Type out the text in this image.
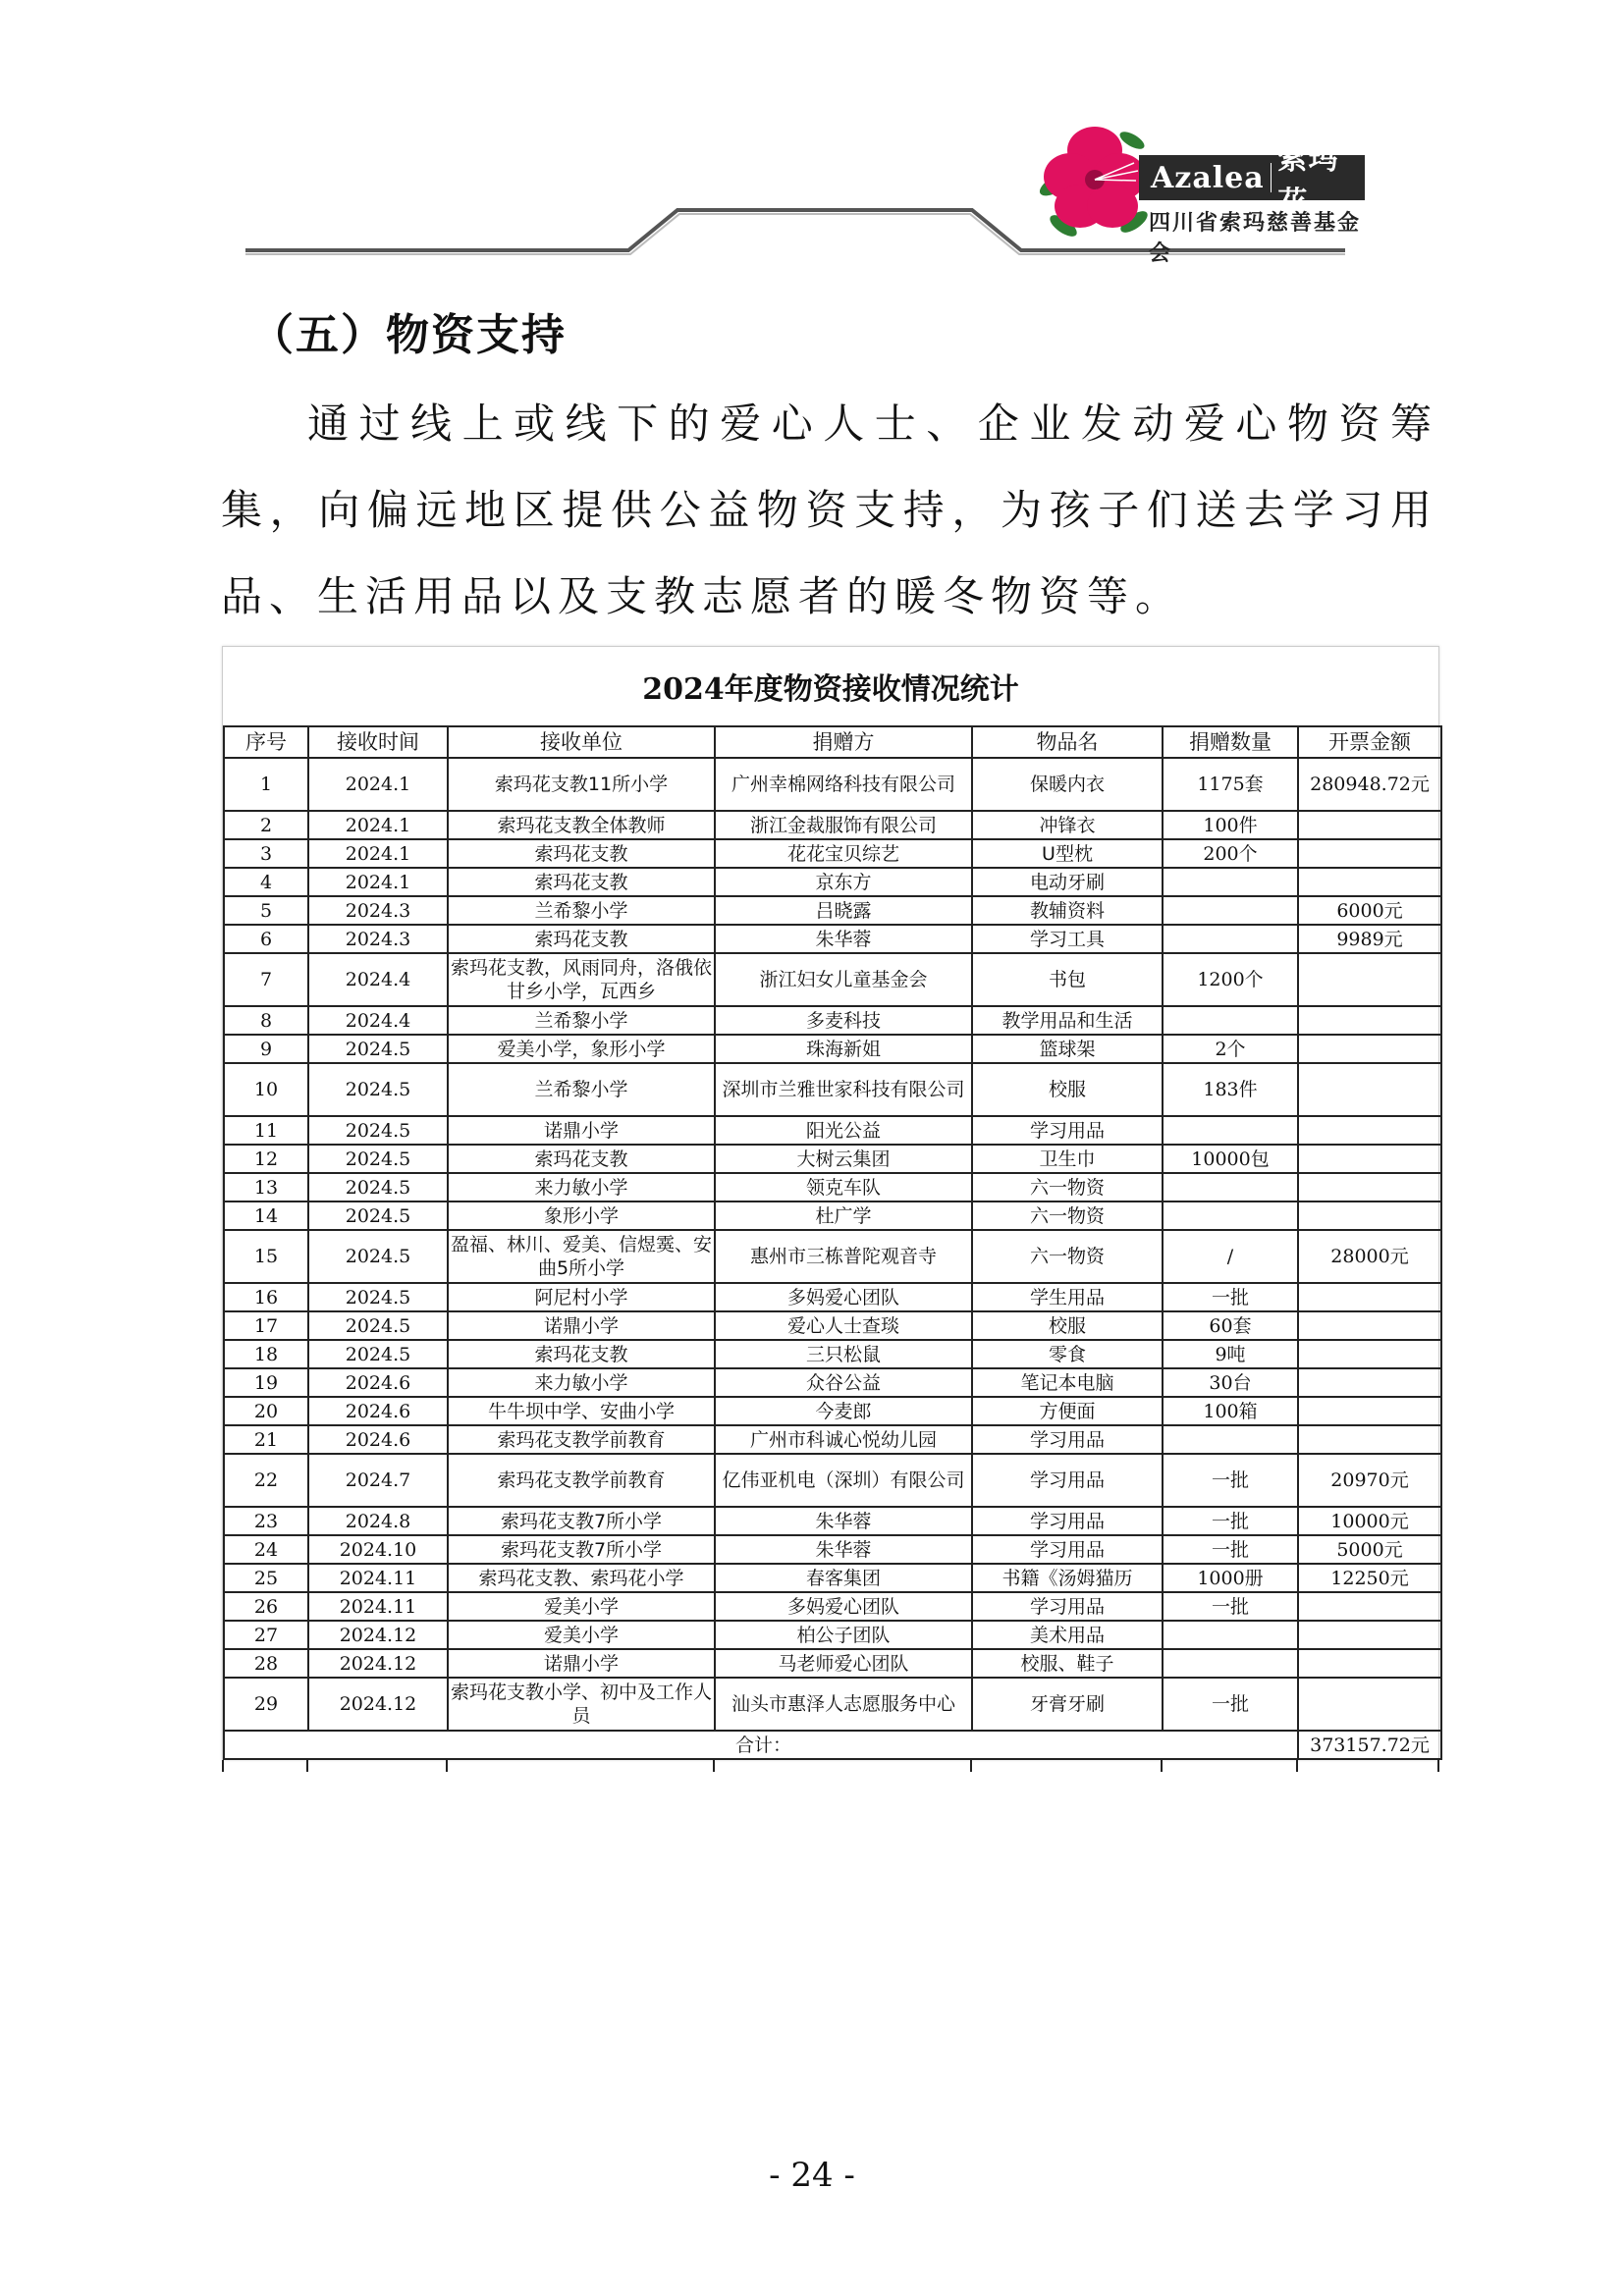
Azalea
索玛花
四川省索玛慈善基金会
（五）物资支持
通过线上或线下的爱心人士、企业发动爱心物资筹集，向偏远地区提供公益物资支持，为孩子们送去学习用品、生活用品以及支教志愿者的暖冬物资等。
2024年度物资接收情况统计
序号	接收时间	接收单位	捐赠方	物品名	捐赠数量	开票金额
1	2024.1	索玛花支教11所小学	广州幸棉网络科技有限公司	保暖内衣	1175套	280948.72元
2	2024.1	索玛花支教全体教师	浙江金裁服饰有限公司	冲锋衣	100件	
3	2024.1	索玛花支教	花花宝贝综艺	U型枕	200个	
4	2024.1	索玛花支教	京东方	电动牙刷		
5	2024.3	兰希黎小学	吕晓露	教辅资料		6000元
6	2024.3	索玛花支教	朱华蓉	学习工具		9989元
7	2024.4	索玛花支教，风雨同舟，洛俄依甘乡小学，瓦西乡	浙江妇女儿童基金会	书包	1200个	
8	2024.4	兰希黎小学	多麦科技	教学用品和生活		
9	2024.5	爱美小学，象形小学	珠海新姐	篮球架	2个	
10	2024.5	兰希黎小学	深圳市兰雅世家科技有限公司	校服	183件	
11	2024.5	诺鼎小学	阳光公益	学习用品		
12	2024.5	索玛花支教	大树云集团	卫生巾	10000包	
13	2024.5	来力敏小学	领克车队	六一物资		
14	2024.5	象形小学	杜广学	六一物资		
15	2024.5	盈福、林川、爱美、信煜霙、安曲5所小学	惠州市三栋普陀观音寺	六一物资	/	28000元
16	2024.5	阿尼村小学	多妈爱心团队	学生用品	一批	
17	2024.5	诺鼎小学	爱心人士查琰	校服	60套	
18	2024.5	索玛花支教	三只松鼠	零食	9吨	
19	2024.6	来力敏小学	众谷公益	笔记本电脑	30台	
20	2024.6	牛牛坝中学、安曲小学	今麦郎	方便面	100箱	
21	2024.6	索玛花支教学前教育	广州市科诚心悦幼儿园	学习用品		
22	2024.7	索玛花支教学前教育	亿伟亚机电（深圳）有限公司	学习用品	一批	20970元
23	2024.8	索玛花支教7所小学	朱华蓉	学习用品	一批	10000元
24	2024.10	索玛花支教7所小学	朱华蓉	学习用品	一批	5000元
25	2024.11	索玛花支教、索玛花小学	春客集团	书籍《汤姆猫历	1000册	12250元
26	2024.11	爱美小学	多妈爱心团队	学习用品	一批	
27	2024.12	爱美小学	柏公子团队	美术用品		
28	2024.12	诺鼎小学	马老师爱心团队	校服、鞋子		
29	2024.12	索玛花支教小学、初中及工作人员	汕头市惠泽人志愿服务中心	牙膏牙刷	一批	
合计：						373157.72元
- 24 -
